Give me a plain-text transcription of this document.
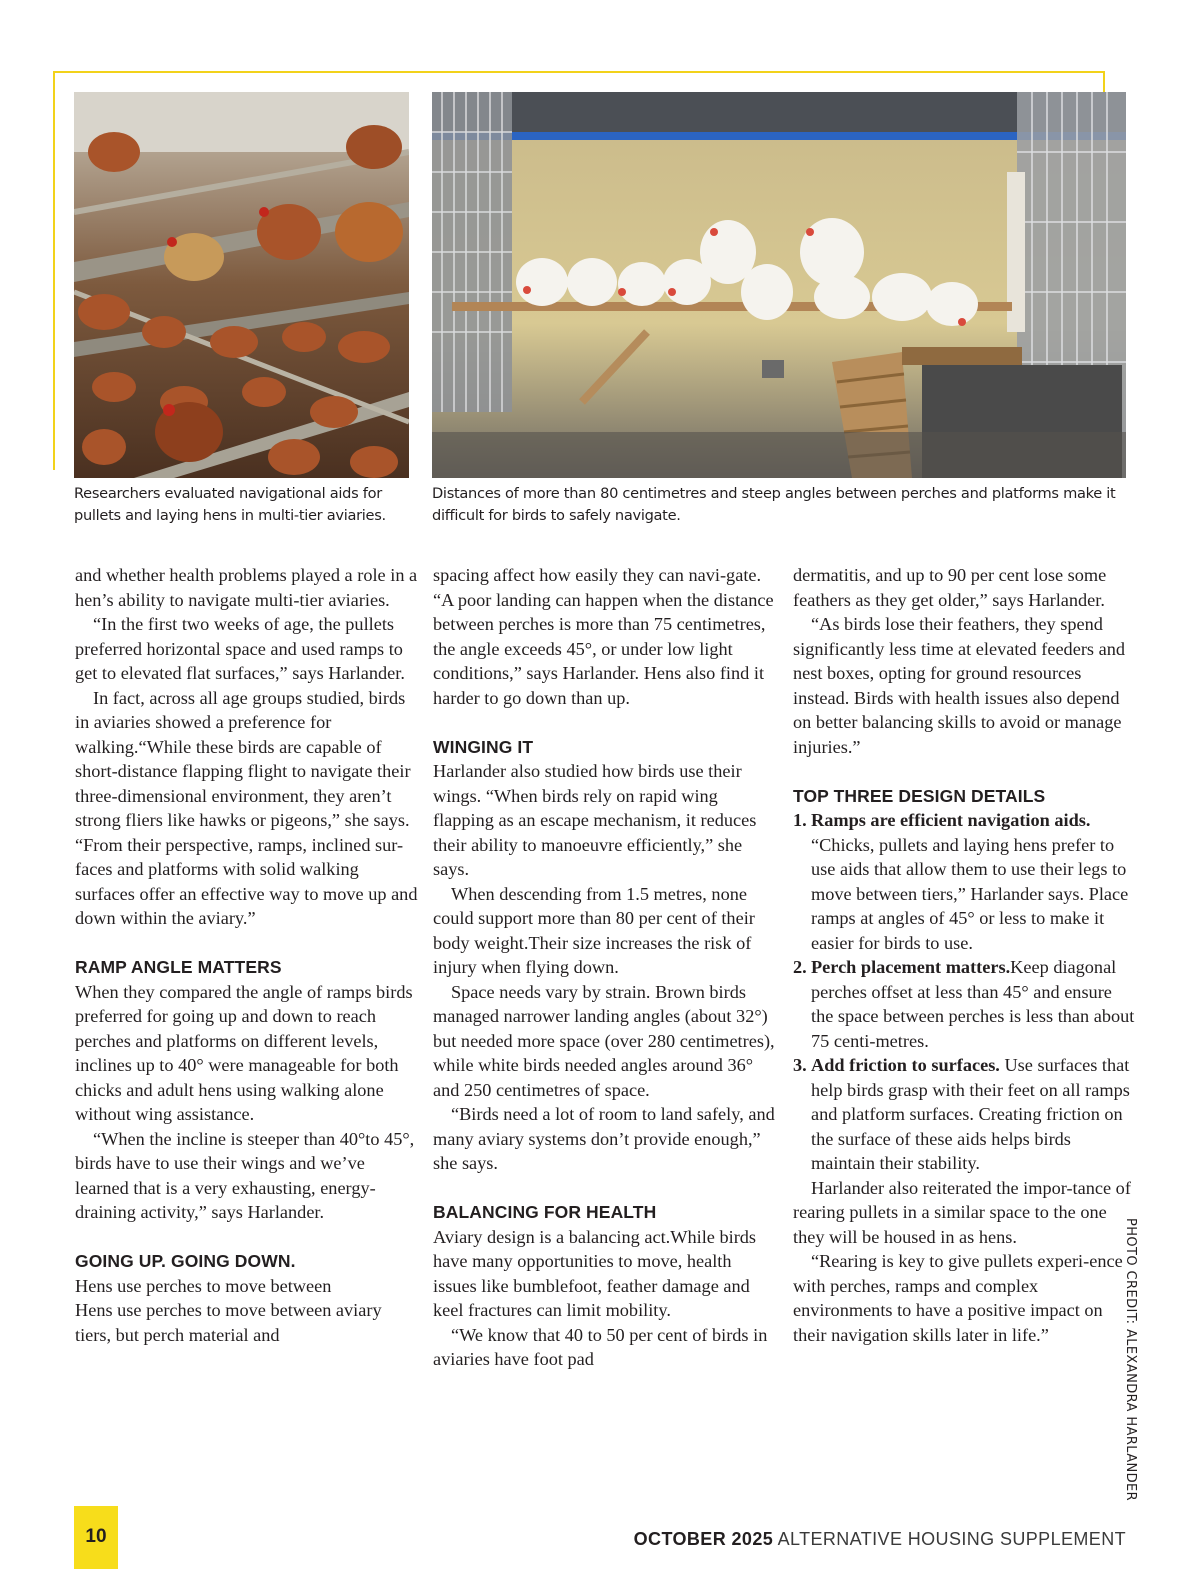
Researchers evaluated navigational aids for pullets and laying hens in multi-tier aviaries.
Distances of more than 80 centimetres and steep angles between perches and platforms make it difficult for birds to safely navigate.

and whether health problems played a role in a hen’s ability to navigate multi-tier aviaries.

“In the first two weeks of age, the pullets preferred horizontal space and used ramps to get to elevated flat surfaces,” says Harlander.

In fact, across all age groups studied, birds in aviaries showed a preference for walking.“While these birds are capable of short-distance flapping flight to navigate their three-dimensional environment, they aren’t strong fliers like hawks or pigeons,” she says. “From their perspective, ramps, inclined sur-faces and platforms with solid walking surfaces offer an effective way to move up and down within the aviary.”

RAMP ANGLE MATTERS

When they compared the angle of ramps birds preferred for going up and down to reach perches and platforms on different levels, inclines up to 40° were manageable for both chicks and adult hens using walking alone without wing assistance.

“When the incline is steeper than 40°to 45°, birds have to use their wings and we’ve learned that is a very exhausting, energy-draining activity,” says Harlander.

GOING UP. GOING DOWN.

Hens use perches to move between

Hens use perches to move between aviary tiers, but perch material and

spacing affect how easily they can navi-gate. “A poor landing can happen when the distance between perches is more than 75 centimetres, the angle exceeds 45°, or under low light conditions,” says Harlander. Hens also find it harder to go down than up.

WINGING IT

Harlander also studied how birds use their wings. “When birds rely on rapid wing flapping as an escape mechanism, it reduces their ability to manoeuvre efficiently,” she says.

When descending from 1.5 metres, none could support more than 80 per cent of their body weight.Their size increases the risk of injury when flying down.

Space needs vary by strain. Brown birds managed narrower landing angles (about 32°) but needed more space (over 280 centimetres), while white birds needed angles around 36° and 250 centimetres of space.

“Birds need a lot of room to land safely, and many aviary systems don’t provide enough,” she says.

BALANCING FOR HEALTH

Aviary design is a balancing act.While birds have many opportunities to move, health issues like bumblefoot, feather damage and keel fractures can limit mobility.

“We know that 40 to 50 per cent of birds in aviaries have foot pad

dermatitis, and up to 90 per cent lose some feathers as they get older,” says Harlander.

“As birds lose their feathers, they spend significantly less time at elevated feeders and nest boxes, opting for ground resources instead. Birds with health issues also depend on better balancing skills to avoid or manage injuries.”

TOP THREE DESIGN DETAILS
1. Ramps are efficient navigation aids. “Chicks, pullets and laying hens prefer to use aids that allow them to use their legs to move between tiers,” Harlander says. Place ramps at angles of 45° or less to make it easier for birds to use.
2. Perch placement matters.Keep diagonal perches offset at less than 45° and ensure the space between perches is less than about 75 centi-metres.
3. Add friction to surfaces. Use surfaces that help birds grasp with their feet on all ramps and platform surfaces. Creating friction on the surface of these aids helps birds maintain their stability.

Harlander also reiterated the impor-tance of rearing pullets in a similar space to the one they will be housed in as hens.

“Rearing is key to give pullets experi-ence with perches, ramps and complex environments to have a positive impact on their navigation skills later in life.”	PHOTO CREDIT: ALEXANDRA HARLANDER
OCTOBER 2025 ALTERNATIVE HOUSING SUPPLEMENT
10
